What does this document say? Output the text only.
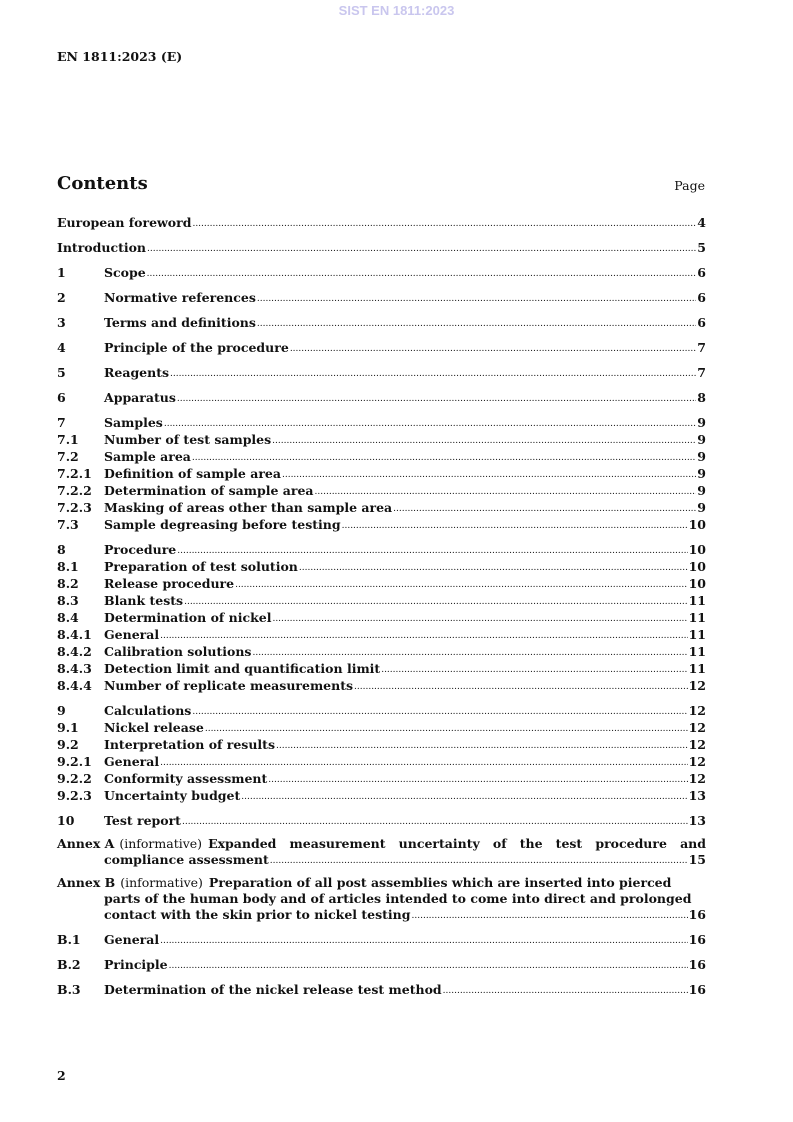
SIST EN 1811:2023
EN 1811:2023 (E)
Contents	Page
European foreword .....	4
Introduction .....	5
1	Scope .....	6
2	Normative references .....	6
3	Terms and definitions .....	6
4	Principle of the procedure .....	7
5	Reagents .....	7
6	Apparatus .....	8
7	Samples .....	9
7.1	Number of test samples .....	9
7.2	Sample area .....	9
7.2.1 Definition of sample area .....	9
7.2.2 Determination of sample area .....	9
7.2.3 Masking of areas other than sample area .....	9
7.3	Sample degreasing before testing .....	10
8	Procedure .....	10
8.1	Preparation of test solution .....	10
8.2	Release procedure .....	10
8.3	Blank tests .....	11
8.4	Determination of nickel .....	11
8.4.1 General .....	11
8.4.2 Calibration solutions .....	11
8.4.3 Detection limit and quantification limit .....	11
8.4.4 Number of replicate measurements .....	12
9	Calculations .....	12
9.1	Nickel release .....	12
9.2	Interpretation of results .....	12
9.2.1 General .....	12
9.2.2 Conformity assessment .....	12
9.2.3 Uncertainty budget .....	13
10	Test report .....	13
Annex A (informative) Expanded measurement uncertainty of the test procedure and
compliance assessment .....	15
Annex B (informative) Preparation of all post assemblies which are inserted into pierced
parts of the human body and of articles intended to come into direct and prolonged
contact with the skin prior to nickel testing .....	16
B.1	General .....	16
B.2	Principle .....	16
B.3	Determination of the nickel release test method .....	16
2
